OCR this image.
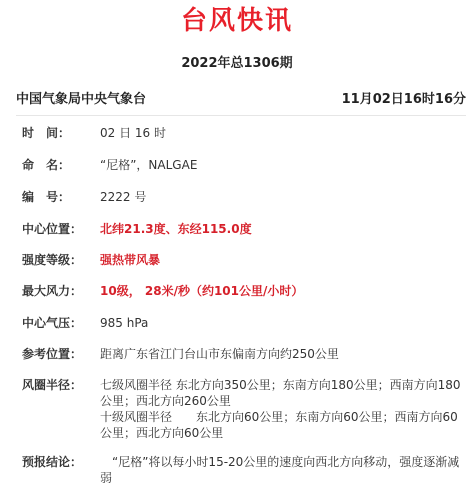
台风快讯
2022年总1306期
中国气象局中央气象台	11月02日16时16分
时　间：	02 日 16 时
命　名：	“尼格”，NALGAE
编　号：	2222 号
中心位置：	北纬21.3度、东经115.0度
强度等级：	强热带风暴
最大风力：	10级， 28米/秒（约101公里/小时）
中心气压：	985 hPa
参考位置：	距离广东省江门台山市东偏南方向约250公里
风圈半径：	七级风圈半径 东北方向350公里；东南方向180公里；西南方向180公里；西北方向260公里

十级风圈半径　　东北方向60公里；东南方向60公里；西南方向60公里；西北方向60公里

预报结论：	　“尼格”将以每小时15-20公里的速度向西北方向移动，强度逐渐减弱
